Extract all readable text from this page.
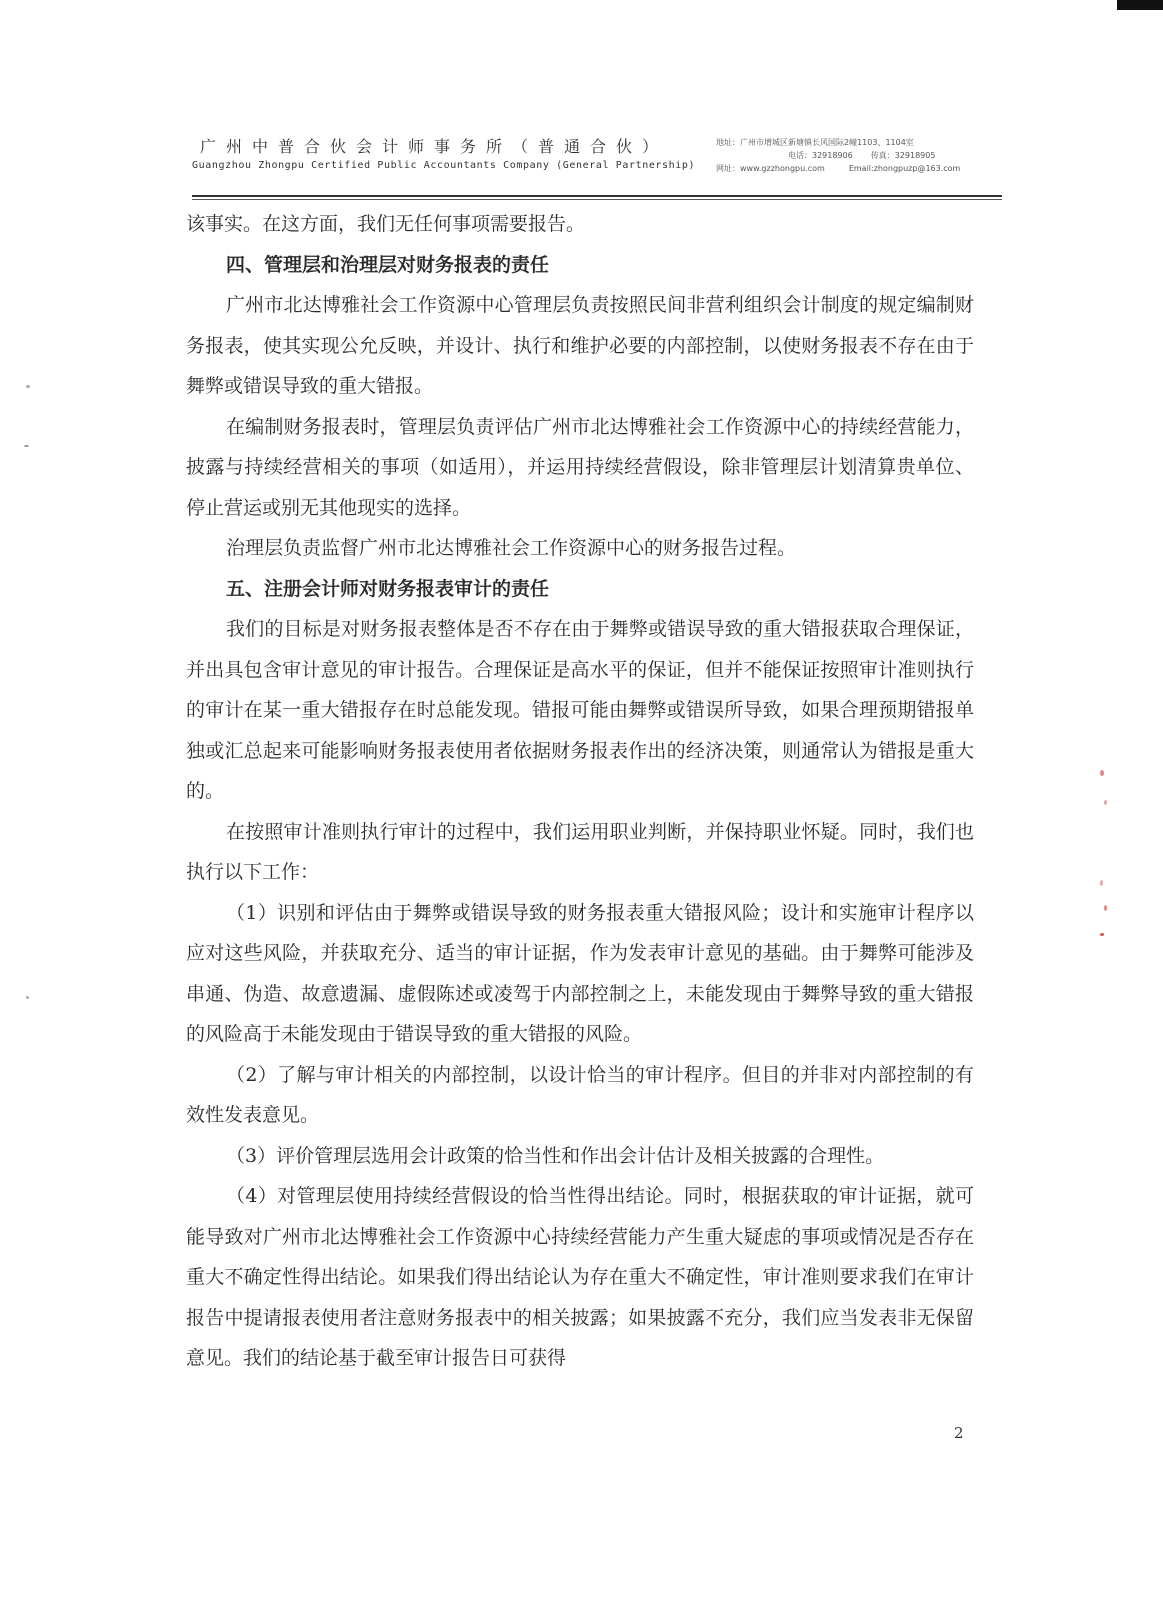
广州中普合伙会计师事务所（普通合伙）
Guangzhou Zhongpu Certified Public Accountants Company (General Partnership)
地址：广州市增城区新塘镇长风国际2幢1103、1104室
电话：32918906 传真：32918905
网址：www.gzzhongpu.com	Email:zhongpuzp@163.com

该事实。在这方面，我们无任何事项需要报告。

四、管理层和治理层对财务报表的责任

广州市北达博雅社会工作资源中心管理层负责按照民间非营利组织会计制度的规定编制财务报表，使其实现公允反映，并设计、执行和维护必要的内部控制，以使财务报表不存在由于舞弊或错误导致的重大错报。

在编制财务报表时，管理层负责评估广州市北达博雅社会工作资源中心的持续经营能力，披露与持续经营相关的事项（如适用），并运用持续经营假设，除非管理层计划清算贵单位、停止营运或别无其他现实的选择。

治理层负责监督广州市北达博雅社会工作资源中心的财务报告过程。

五、注册会计师对财务报表审计的责任

我们的目标是对财务报表整体是否不存在由于舞弊或错误导致的重大错报获取合理保证，并出具包含审计意见的审计报告。合理保证是高水平的保证，但并不能保证按照审计准则执行的审计在某一重大错报存在时总能发现。错报可能由舞弊或错误所导致，如果合理预期错报单独或汇总起来可能影响财务报表使用者依据财务报表作出的经济决策，则通常认为错报是重大的。

在按照审计准则执行审计的过程中，我们运用职业判断，并保持职业怀疑。同时，我们也执行以下工作：

（1）识别和评估由于舞弊或错误导致的财务报表重大错报风险；设计和实施审计程序以应对这些风险，并获取充分、适当的审计证据，作为发表审计意见的基础。由于舞弊可能涉及串通、伪造、故意遗漏、虚假陈述或凌驾于内部控制之上，未能发现由于舞弊导致的重大错报的风险高于未能发现由于错误导致的重大错报的风险。

（2）了解与审计相关的内部控制，以设计恰当的审计程序。但目的并非对内部控制的有效性发表意见。

（3）评价管理层选用会计政策的恰当性和作出会计估计及相关披露的合理性。

（4）对管理层使用持续经营假设的恰当性得出结论。同时，根据获取的审计证据，就可能导致对广州市北达博雅社会工作资源中心持续经营能力产生重大疑虑的事项或情况是否存在重大不确定性得出结论。如果我们得出结论认为存在重大不确定性，审计准则要求我们在审计报告中提请报表使用者注意财务报表中的相关披露；如果披露不充分，我们应当发表非无保留意见。我们的结论基于截至审计报告日可获得

2
